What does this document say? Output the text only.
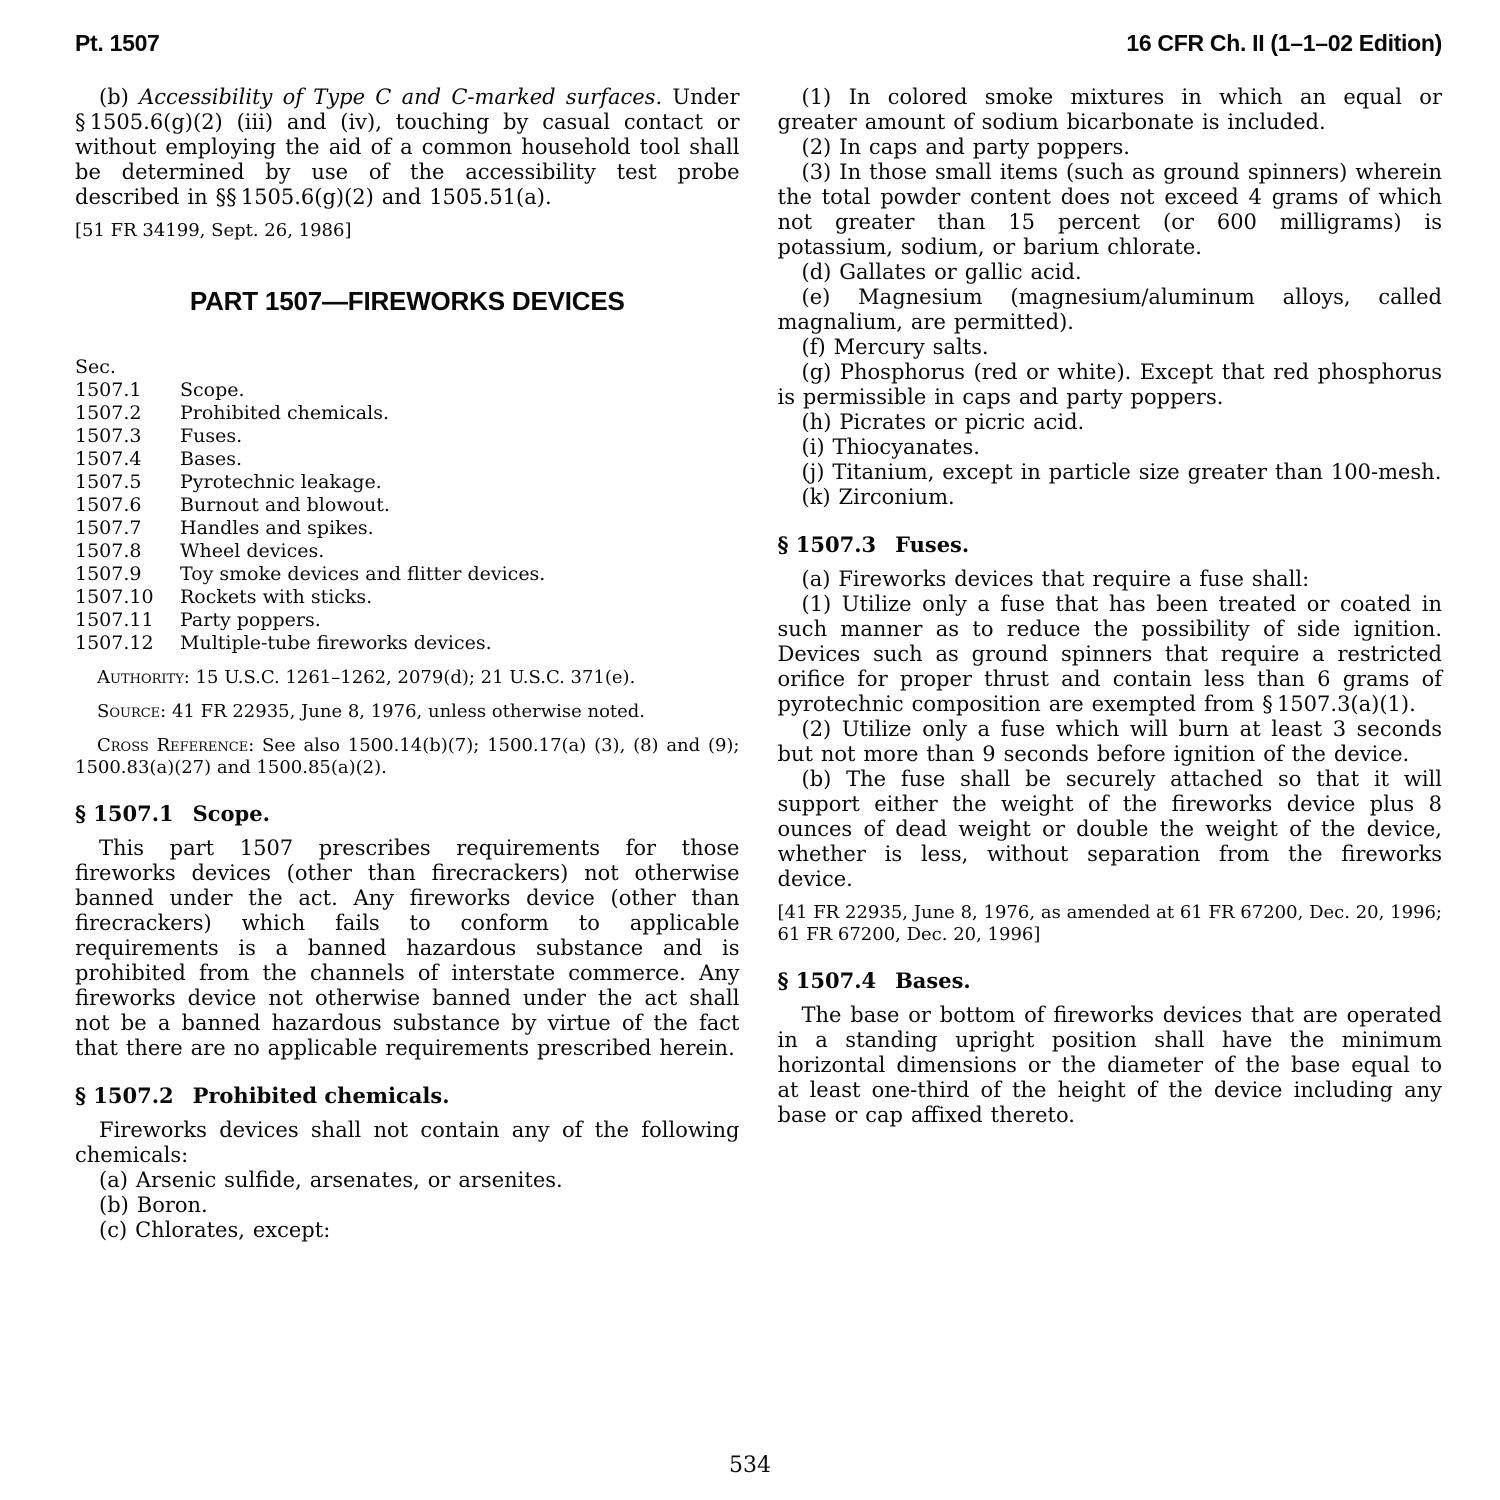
Pt. 1507	16 CFR Ch. II (1–1–02 Edition)

(b) Accessibility of Type C and C-marked surfaces. Under § 1505.6(g)(2) (iii) and (iv), touching by casual contact or without employing the aid of a common household tool shall be determined by use of the accessibility test probe described in §§ 1505.6(g)(2) and 1505.51(a).

[51 FR 34199, Sept. 26, 1986]

PART 1507—FIREWORKS DEVICES

Sec.

1507.1 Scope.

1507.2 Prohibited chemicals.

1507.3 Fuses.

1507.4 Bases.

1507.5 Pyrotechnic leakage.

1507.6 Burnout and blowout.

1507.7 Handles and spikes.

1507.8 Wheel devices.

1507.9 Toy smoke devices and flitter devices.

1507.10 Rockets with sticks.

1507.11 Party poppers.

1507.12 Multiple-tube fireworks devices.

Authority: 15 U.S.C. 1261–1262, 2079(d); 21 U.S.C. 371(e).

Source: 41 FR 22935, June 8, 1976, unless otherwise noted.

Cross Reference: See also 1500.14(b)(7); 1500.17(a) (3), (8) and (9); 1500.83(a)(27) and 1500.85(a)(2).

§ 1507.1 Scope.

This part 1507 prescribes requirements for those fireworks devices (other than firecrackers) not otherwise banned under the act. Any fireworks device (other than firecrackers) which fails to conform to applicable requirements is a banned hazardous substance and is prohibited from the channels of interstate commerce. Any fireworks device not otherwise banned under the act shall not be a banned hazardous substance by virtue of the fact that there are no applicable requirements prescribed herein.

§ 1507.2 Prohibited chemicals.

Fireworks devices shall not contain any of the following chemicals:

(a) Arsenic sulfide, arsenates, or arsenites.

(b) Boron.

(c) Chlorates, except:

(1) In colored smoke mixtures in which an equal or greater amount of sodium bicarbonate is included.

(2) In caps and party poppers.

(3) In those small items (such as ground spinners) wherein the total powder content does not exceed 4 grams of which not greater than 15 percent (or 600 milligrams) is potassium, sodium, or barium chlorate.

(d) Gallates or gallic acid.

(e) Magnesium (magnesium/aluminum alloys, called magnalium, are permitted).

(f) Mercury salts.

(g) Phosphorus (red or white). Except that red phosphorus is permissible in caps and party poppers.

(h) Picrates or picric acid.

(i) Thiocyanates.

(j) Titanium, except in particle size greater than 100-mesh.

(k) Zirconium.

§ 1507.3 Fuses.

(a) Fireworks devices that require a fuse shall:

(1) Utilize only a fuse that has been treated or coated in such manner as to reduce the possibility of side ignition. Devices such as ground spinners that require a restricted orifice for proper thrust and contain less than 6 grams of pyrotechnic composition are exempted from § 1507.3(a)(1).

(2) Utilize only a fuse which will burn at least 3 seconds but not more than 9 seconds before ignition of the device.

(b) The fuse shall be securely attached so that it will support either the weight of the fireworks device plus 8 ounces of dead weight or double the weight of the device, whether is less, without separation from the fireworks device.

[41 FR 22935, June 8, 1976, as amended at 61 FR 67200, Dec. 20, 1996; 61 FR 67200, Dec. 20, 1996]

§ 1507.4 Bases.

The base or bottom of fireworks devices that are operated in a standing upright position shall have the minimum horizontal dimensions or the diameter of the base equal to at least one-third of the height of the device including any base or cap affixed thereto.

534
